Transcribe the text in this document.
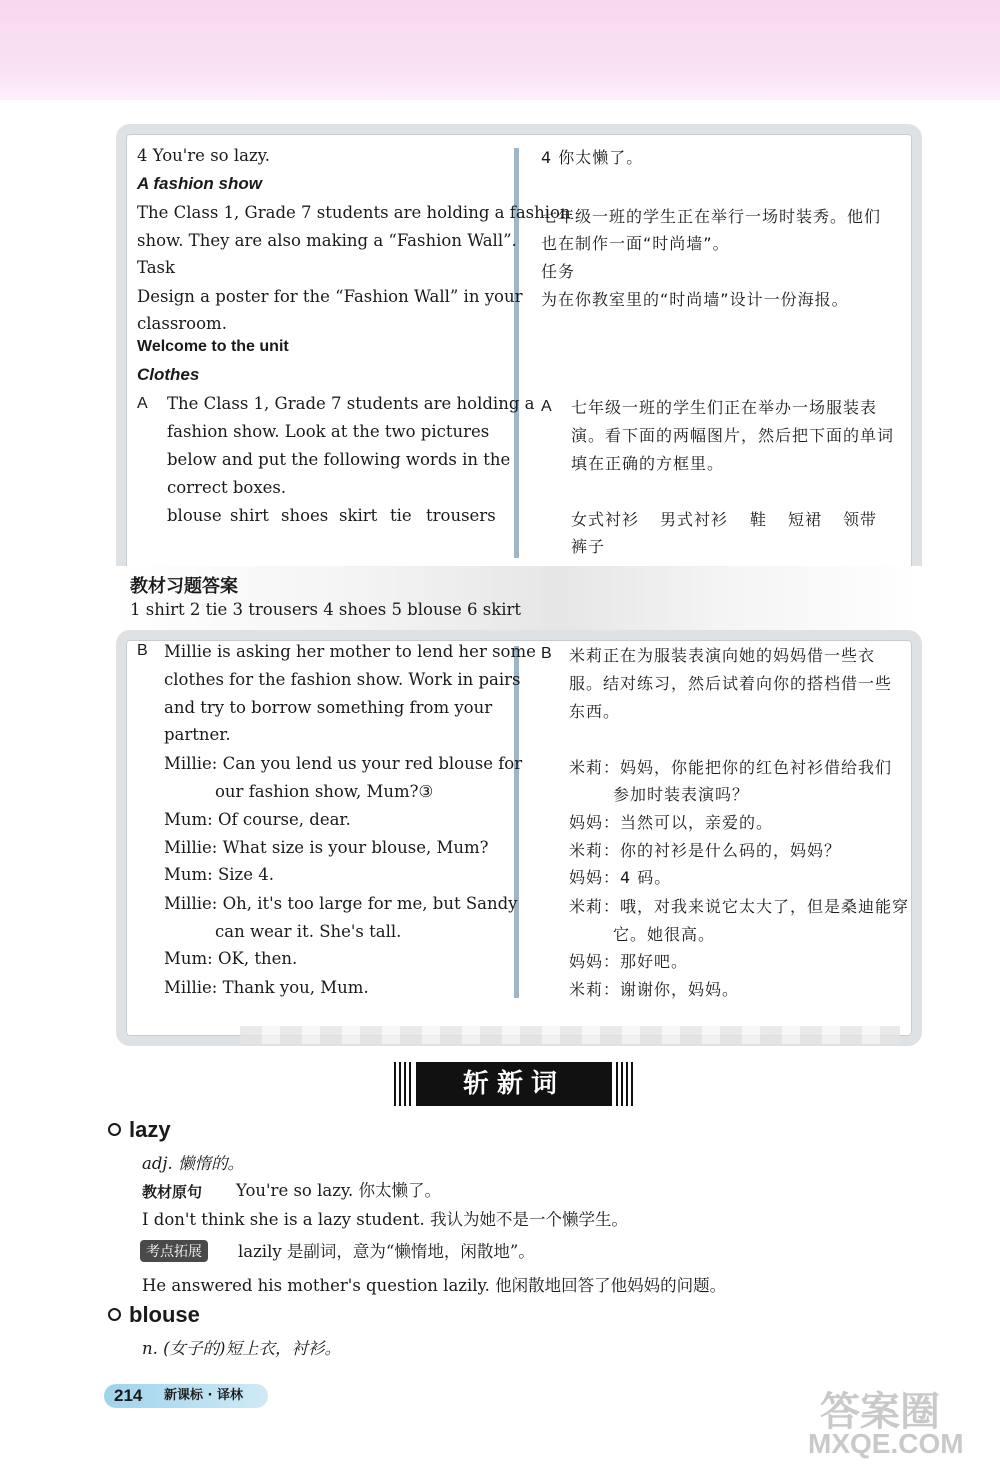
4 You're so lazy.
A fashion show
The Class 1, Grade 7 students are holding a fashion
show. They are also making a “Fashion Wall”.
Task
Design a poster for the “Fashion Wall” in your
classroom.
Welcome to the unit
Clothes
A The Class 1, Grade 7 students are holding a
fashion show. Look at the two pictures
below and put the following words in the
correct boxes.
blouse shirt shoes skirt tie trousers
4 你太懒了。
七年级一班的学生正在举行一场时装秀。他们
也在制作一面“时尚墙”。
任务
为在你教室里的“时尚墙”设计一份海报。
A 七年级一班的学生们正在举办一场服装表
演。看下面的两幅图片，然后把下面的单词
填在正确的方框里。
女式衬衫 男式衬衫 鞋 短裙 领带
裤子
教材习题答案
1 shirt 2 tie 3 trousers 4 shoes 5 blouse 6 skirt
B Millie is asking her mother to lend her some
clothes for the fashion show. Work in pairs
and try to borrow something from your
partner.
Millie: Can you lend us your red blouse for
our fashion show, Mum?③
Mum: Of course, dear.
Millie: What size is your blouse, Mum?
Mum: Size 4.
Millie: Oh, it's too large for me, but Sandy
can wear it. She's tall.
Mum: OK, then.
Millie: Thank you, Mum.
B 米莉正在为服装表演向她的妈妈借一些衣
服。结对练习，然后试着向你的搭档借一些
东西。
米莉：妈妈，你能把你的红色衬衫借给我们
参加时装表演吗？
妈妈：当然可以，亲爱的。
米莉：你的衬衫是什么码的，妈妈？
妈妈：4 码。
米莉：哦，对我来说它太大了，但是桑迪能穿
它。她很高。
妈妈：那好吧。
米莉：谢谢你，妈妈。
斩新词
lazy
adj. 懒惰的。
教材原句 You're so lazy. 你太懒了。
I don't think she is a lazy student. 我认为她不是一个懒学生。
考点拓展	lazily 是副词，意为“懒惰地，闲散地”。
He answered his mother's question lazily. 他闲散地回答了他妈妈的问题。
blouse
n. (女子的)短上衣，衬衫。
214 新课标 · 译林	答案圈
MXQE.COM
